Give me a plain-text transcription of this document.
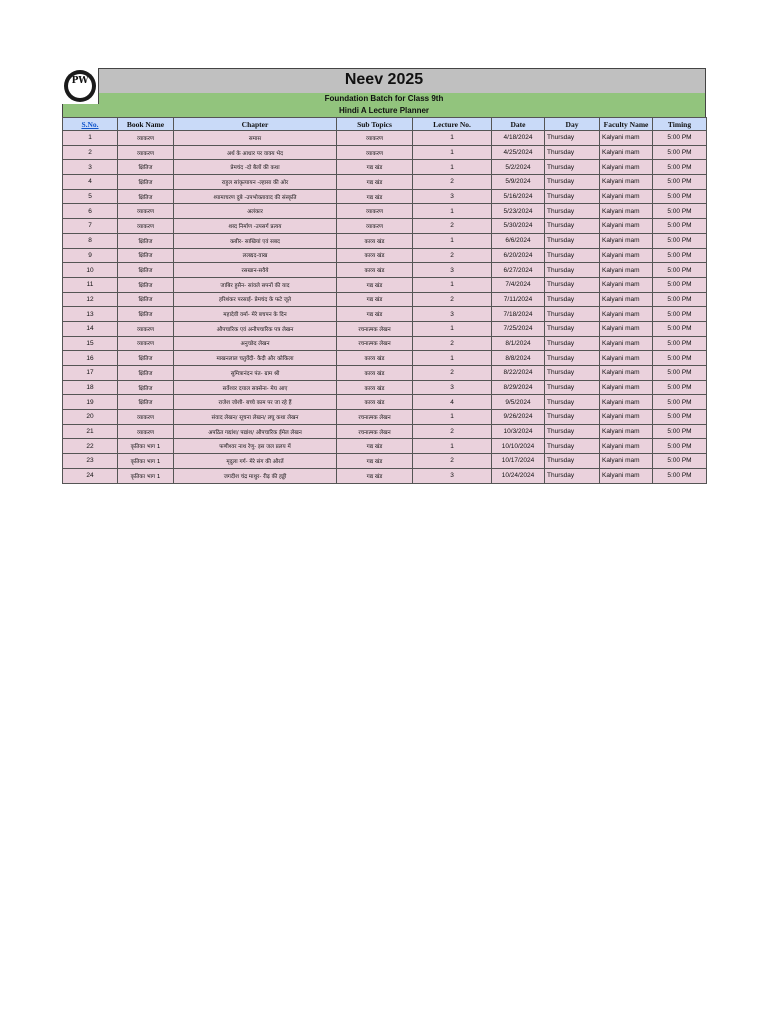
PW	Neev 2025
Foundation Batch for Class 9th
Hindi A Lecture Planner
S.No.	Book Name	Chapter	Sub Topics	Lecture No.	Date	Day	Faculty Name	Timing
1	व्याकरण	समास	व्याकरण	1	4/18/2024	Thursday	Kalyani mam	5:00 PM
2	व्याकरण	अर्थ के आधार पर वाक्य भेद	व्याकरण	1	4/25/2024	Thursday	Kalyani mam	5:00 PM
3	क्षितिज	प्रेमचंद -दो बैलों की कथा	गद्य खंड	1	5/2/2024	Thursday	Kalyani mam	5:00 PM
4	क्षितिज	राहुल सांकृत्यायन -ल्हासा की ओर	गद्य खंड	2	5/9/2024	Thursday	Kalyani mam	5:00 PM
5	क्षितिज	श्यामाचरण दुबे -उपभोक्तावाद की संस्कृति	गद्य खंड	3	5/16/2024	Thursday	Kalyani mam	5:00 PM
6	व्याकरण	अलंकार	व्याकरण	1	5/23/2024	Thursday	Kalyani mam	5:00 PM
7	व्याकरण	शब्द निर्माण -उपसर्ग प्रत्यय	व्याकरण	2	5/30/2024	Thursday	Kalyani mam	5:00 PM
8	क्षितिज	कबीर- साखियां एवं सबद	काव्य खंड	1	6/6/2024	Thursday	Kalyani mam	5:00 PM
9	क्षितिज	ललद्यद-वाख	काव्य खंड	2	6/20/2024	Thursday	Kalyani mam	5:00 PM
10	क्षितिज	रसखान-सवैये	काव्य खंड	3	6/27/2024	Thursday	Kalyani mam	5:00 PM
11	क्षितिज	जाबिर हुसैन- सांवले सपनों की याद	गद्य खंड	1	7/4/2024	Thursday	Kalyani mam	5:00 PM
12	क्षितिज	हरिशंकर परसाई- प्रेमचंद के फटे जूते	गद्य खंड	2	7/11/2024	Thursday	Kalyani mam	5:00 PM
13	क्षितिज	महादेवी वर्मा- मेरे बचपन के दिन	गद्य खंड	3	7/18/2024	Thursday	Kalyani mam	5:00 PM
14	व्याकरण	औपचारिक एवं अनौपचारिक पत्र लेखन	रचनात्मक लेखन	1	7/25/2024	Thursday	Kalyani mam	5:00 PM
15	व्याकरण	अनुच्छेद लेखन	रचनात्मक लेखन	2	8/1/2024	Thursday	Kalyani mam	5:00 PM
16	क्षितिज	माखनलाल चतुर्वेदी- कैदी और कोकिला	काव्य खंड	1	8/8/2024	Thursday	Kalyani mam	5:00 PM
17	क्षितिज	सुमित्रानंदन पंत- ग्राम श्री	काव्य खंड	2	8/22/2024	Thursday	Kalyani mam	5:00 PM
18	क्षितिज	सर्वेश्वर दयाल सक्सेना- मेघ आए	काव्य खंड	3	8/29/2024	Thursday	Kalyani mam	5:00 PM
19	क्षितिज	राजेश जोशी- बच्चे काम पर जा रहे हैं	काव्य खंड	4	9/5/2024	Thursday	Kalyani mam	5:00 PM
20	व्याकरण	संवाद लेखन/ सूचना लेखन/ लघु कथा लेखन	रचनात्मक लेखन	1	9/26/2024	Thursday	Kalyani mam	5:00 PM
21	व्याकरण	अपठित गद्यांश/ पद्यांश/ औपचारिक ईमेल लेखन	रचनात्मक लेखन	2	10/3/2024	Thursday	Kalyani mam	5:00 PM
22	कृतिका भाग 1	फणीश्वर नाथ रेणु- इस जल प्रलय में	गद्य खंड	1	10/10/2024	Thursday	Kalyani mam	5:00 PM
23	कृतिका भाग 1	मृदुला गर्ग- मेरे संग की औरतें	गद्य खंड	2	10/17/2024	Thursday	Kalyani mam	5:00 PM
24	कृतिका भाग 1	जगदीश चंद्र माथुर- रीढ़ की हड्डी	गद्य खंड	3	10/24/2024	Thursday	Kalyani mam	5:00 PM
